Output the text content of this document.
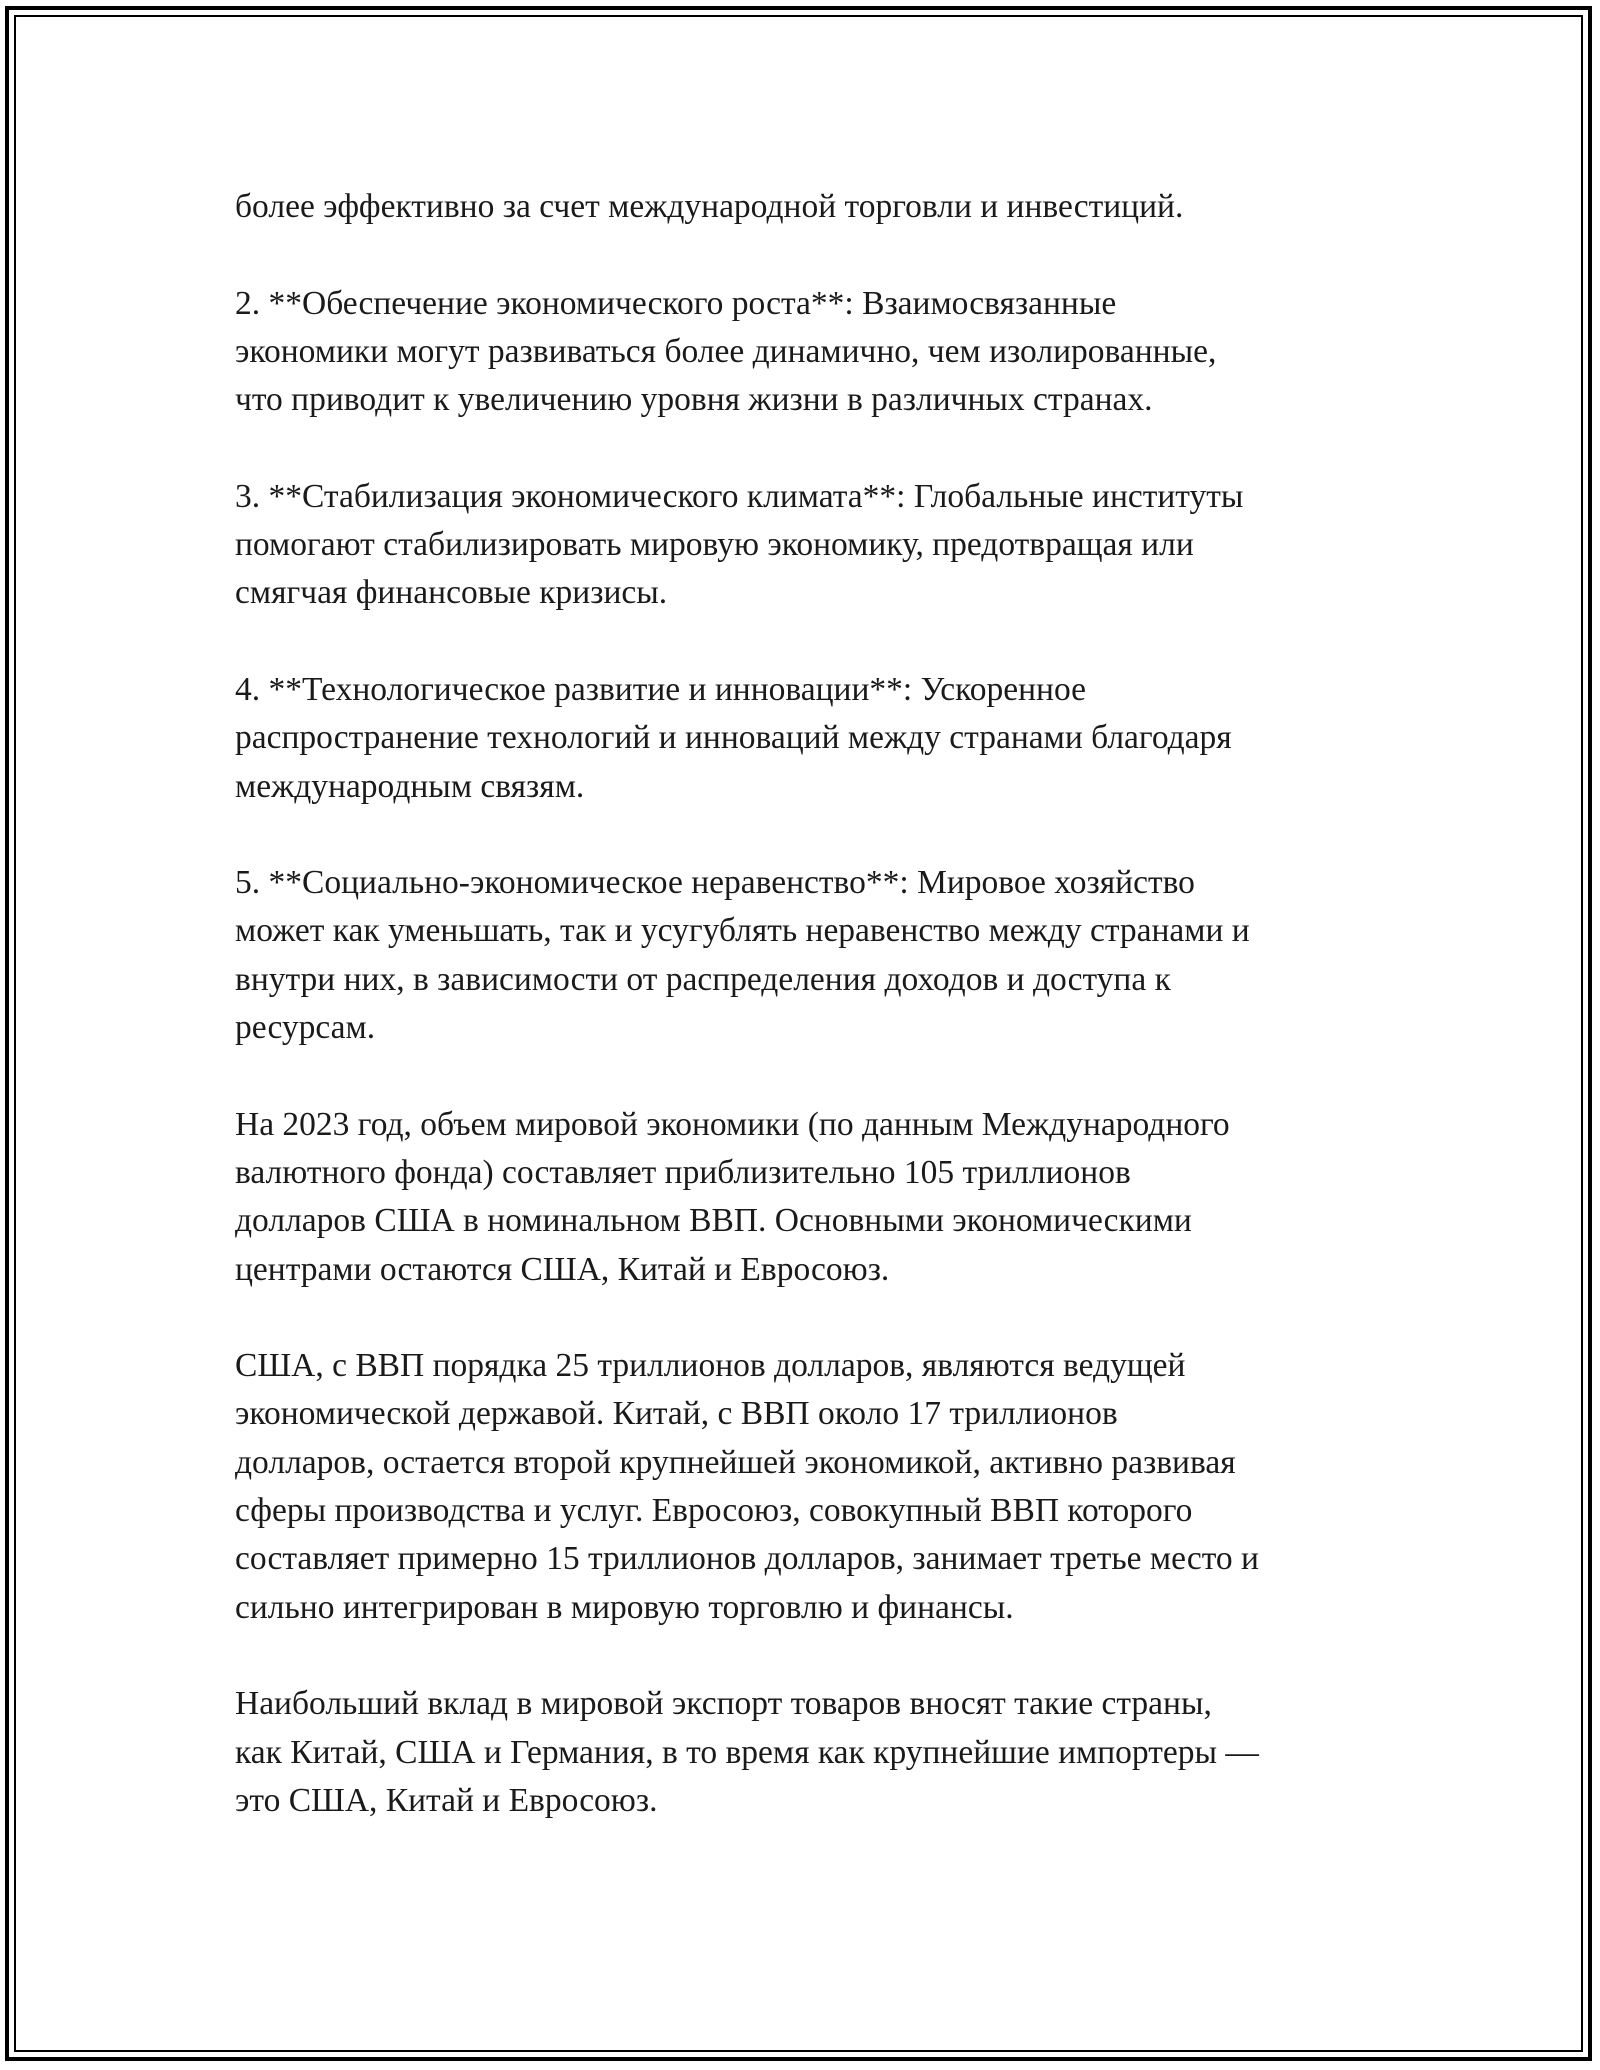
более эффективно за счет международной торговли и инвестиций.

2. **Обеспечение экономического роста**: Взаимосвязанные
экономики могут развиваться более динамично, чем изолированные,
что приводит к увеличению уровня жизни в различных странах.

3. **Стабилизация экономического климата**: Глобальные институты
помогают стабилизировать мировую экономику, предотвращая или
смягчая финансовые кризисы.

4. **Технологическое развитие и инновации**: Ускоренное
распространение технологий и инноваций между странами благодаря
международным связям.

5. **Социально-экономическое неравенство**: Мировое хозяйство
может как уменьшать, так и усугублять неравенство между странами и
внутри них, в зависимости от распределения доходов и доступа к
ресурсам.

На 2023 год, объем мировой экономики (по данным Международного
валютного фонда) составляет приблизительно 105 триллионов
долларов США в номинальном ВВП. Основными экономическими
центрами остаются США, Китай и Евросоюз.

США, с ВВП порядка 25 триллионов долларов, являются ведущей
экономической державой. Китай, с ВВП около 17 триллионов
долларов, остается второй крупнейшей экономикой, активно развивая
сферы производства и услуг. Евросоюз, совокупный ВВП которого
составляет примерно 15 триллионов долларов, занимает третье место и
сильно интегрирован в мировую торговлю и финансы.

Наибольший вклад в мировой экспорт товаров вносят такие страны,
как Китай, США и Германия, в то время как крупнейшие импортеры —
это США, Китай и Евросоюз.
